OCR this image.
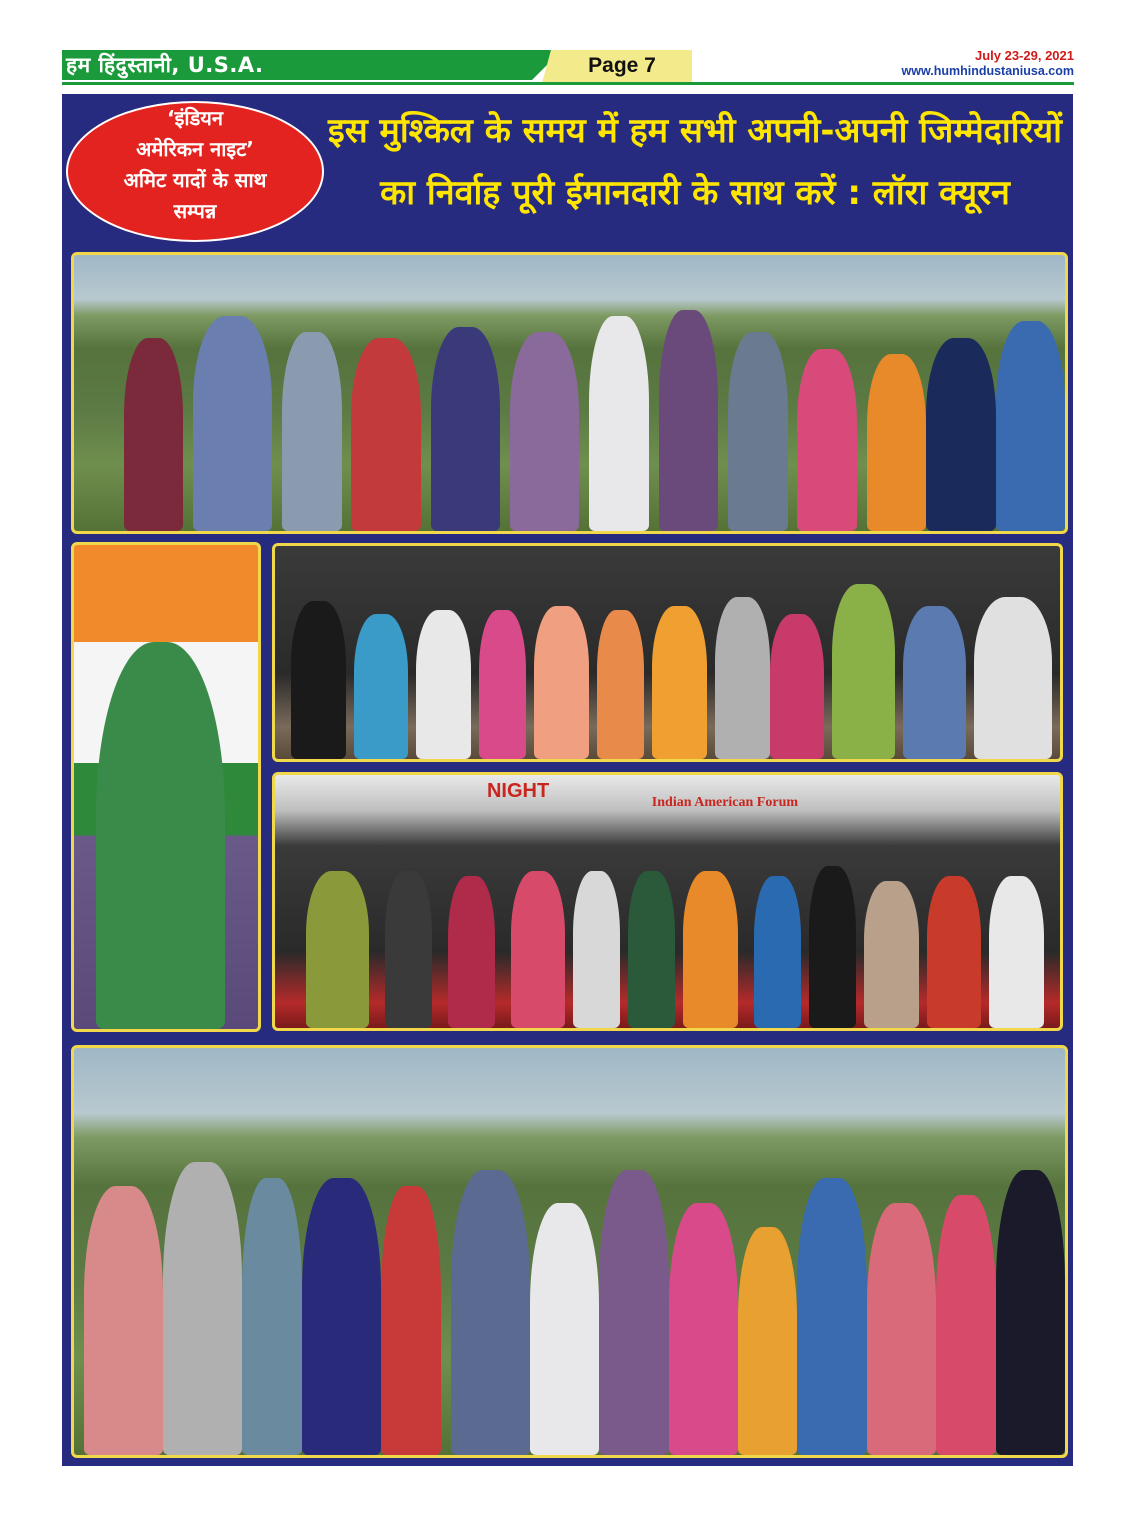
हम हिंदुस्तानी, U.S.A.	Page 7	July 23-29, 2021
www.humhindustaniusa.com
‘इंडियन
अमेरिकन नाइट’
अमिट यादों के साथ
सम्पन्न
इस मुश्किल के समय में हम सभी अपनी-अपनी जिम्मेदारियों
का निर्वाह पूरी ईमानदारी के साथ करें : लॉरा क्यूरन
NIGHT
Indian American Forum
